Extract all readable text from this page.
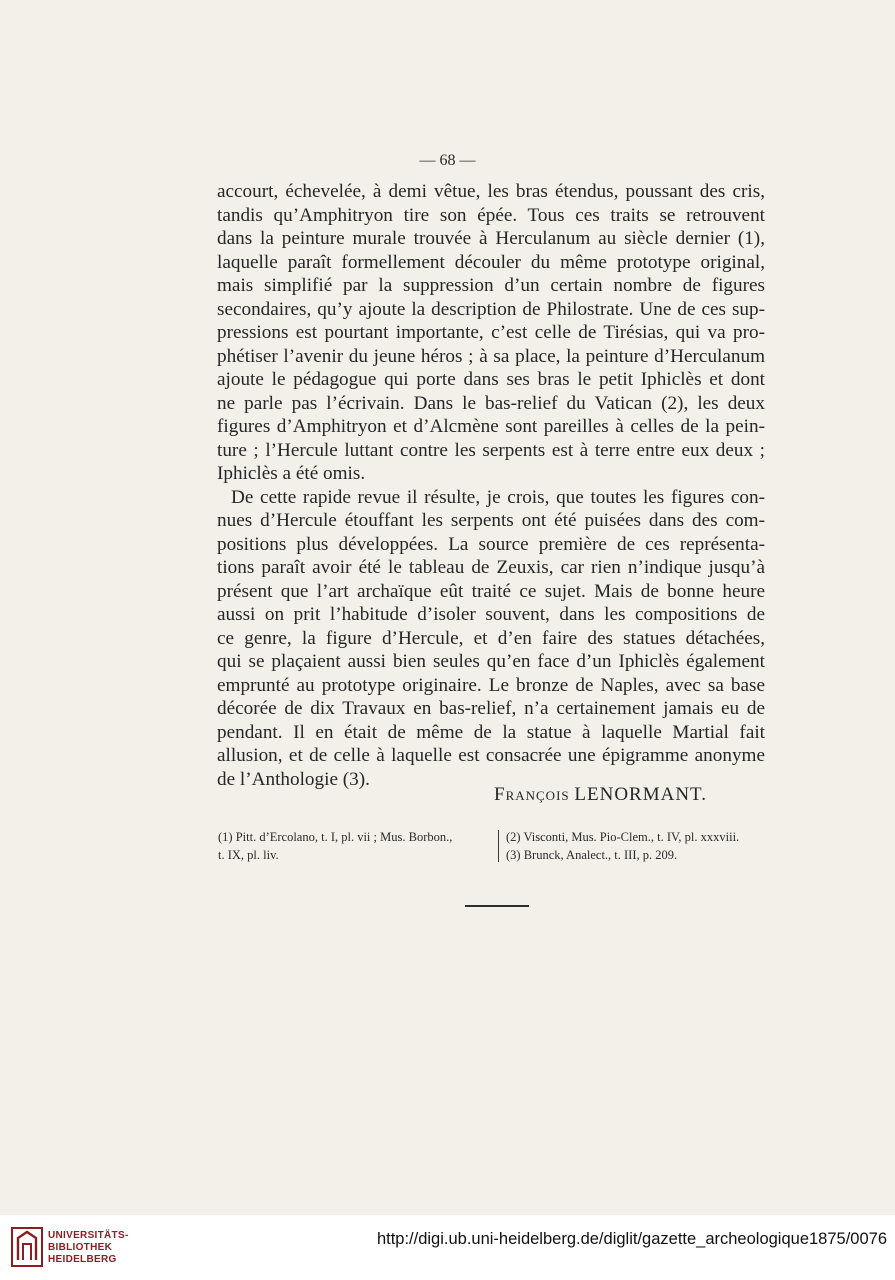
— 68 —
accourt, échevelée, à demi vêtue, les bras étendus, poussant des cris,
tandis qu’Amphitryon tire son épée. Tous ces traits se retrouvent
dans la peinture murale trouvée à Herculanum au siècle dernier (1),
laquelle paraît formellement découler du même prototype original,
mais simplifié par la suppression d’un certain nombre de figures
secondaires, qu’y ajoute la description de Philostrate. Une de ces sup-
pressions est pourtant importante, c’est celle de Tirésias, qui va pro-
phétiser l’avenir du jeune héros ; à sa place, la peinture d’Herculanum
ajoute le pédagogue qui porte dans ses bras le petit Iphiclès et dont
ne parle pas l’écrivain. Dans le bas-relief du Vatican (2), les deux
figures d’Amphitryon et d’Alcmène sont pareilles à celles de la pein-
ture ; l’Hercule luttant contre les serpents est à terre entre eux deux ;
Iphiclès a été omis.
De cette rapide revue il résulte, je crois, que toutes les figures con-
nues d’Hercule étouffant les serpents ont été puisées dans des com-
positions plus développées. La source première de ces représenta-
tions paraît avoir été le tableau de Zeuxis, car rien n’indique jusqu’à
présent que l’art archaïque eût traité ce sujet. Mais de bonne heure
aussi on prit l’habitude d’isoler souvent, dans les compositions de
ce genre, la figure d’Hercule, et d’en faire des statues détachées,
qui se plaçaient aussi bien seules qu’en face d’un Iphiclès également
emprunté au prototype originaire. Le bronze de Naples, avec sa base
décorée de dix Travaux en bas-relief, n’a certainement jamais eu de
pendant. Il en était de même de la statue à laquelle Martial fait
allusion, et de celle à laquelle est consacrée une épigramme anonyme
de l’Anthologie (3).
François LENORMANT.
(1) Pitt. d’Ercolano, t. I, pl. vii ; Mus. Borbon.,
t. IX, pl. liv.
(2) Visconti, Mus. Pio-Clem., t. IV, pl. xxxviii.
(3) Brunck, Analect., t. III, p. 209.
UNIVERSITÄTS-
BIBLIOTHEK
HEIDELBERG
http://digi.ub.uni-heidelberg.de/diglit/gazette_archeologique1875/0076
